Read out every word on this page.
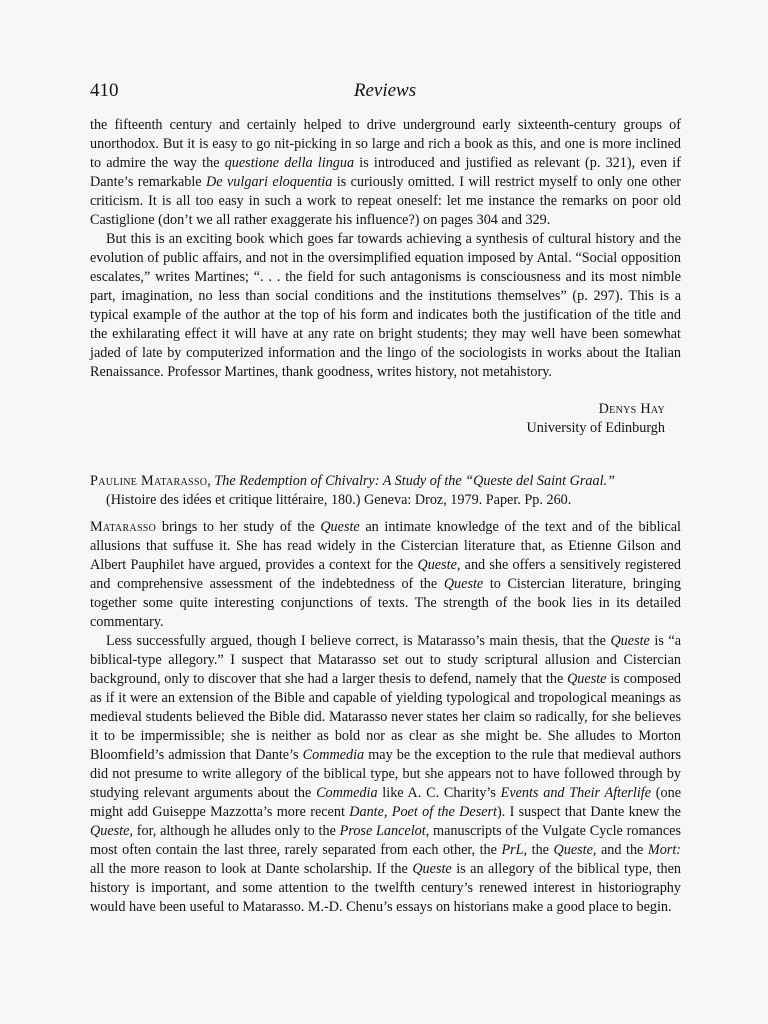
410	Reviews

the fifteenth century and certainly helped to drive underground early sixteenth-century groups of unorthodox. But it is easy to go nit-picking in so large and rich a book as this, and one is more inclined to admire the way the questione della lingua is introduced and justified as relevant (p. 321), even if Dante’s remarkable De vulgari eloquentia is curiously omitted. I will restrict myself to only one other criticism. It is all too easy in such a work to repeat oneself: let me instance the remarks on poor old Castiglione (don’t we all rather exaggerate his influence?) on pages 304 and 329.

But this is an exciting book which goes far towards achieving a synthesis of cultural history and the evolution of public affairs, and not in the oversimplified equation imposed by Antal. “Social opposition escalates,” writes Martines; “. . . the field for such antagonisms is consciousness and its most nimble part, imagination, no less than social conditions and the institutions themselves” (p. 297). This is a typical example of the author at the top of his form and indicates both the justification of the title and the exhilarating effect it will have at any rate on bright students; they may well have been somewhat jaded of late by computerized information and the lingo of the sociologists in works about the Italian Renaissance. Professor Martines, thank goodness, writes history, not metahistory.

Denys Hay
University of Edinburgh
Pauline Matarasso, The Redemption of Chivalry: A Study of the “Queste del Saint Graal.”
(Histoire des idées et critique littéraire, 180.) Geneva: Droz, 1979. Paper. Pp. 260.

Matarasso brings to her study of the Queste an intimate knowledge of the text and of the biblical allusions that suffuse it. She has read widely in the Cistercian literature that, as Etienne Gilson and Albert Pauphilet have argued, provides a context for the Queste, and she offers a sensitively registered and comprehensive assessment of the indebtedness of the Queste to Cistercian literature, bringing together some quite interesting conjunctions of texts. The strength of the book lies in its detailed commentary.

Less successfully argued, though I believe correct, is Matarasso’s main thesis, that the Queste is “a biblical-type allegory.” I suspect that Matarasso set out to study scriptural allusion and Cistercian background, only to discover that she had a larger thesis to defend, namely that the Queste is composed as if it were an extension of the Bible and capable of yielding typological and tropological meanings as medieval students believed the Bible did. Matarasso never states her claim so radically, for she believes it to be impermissible; she is neither as bold nor as clear as she might be. She alludes to Morton Bloomfield’s admission that Dante’s Commedia may be the exception to the rule that medieval authors did not presume to write allegory of the biblical type, but she appears not to have followed through by studying relevant arguments about the Commedia like A. C. Charity’s Events and Their Afterlife (one might add Guiseppe Mazzotta’s more recent Dante, Poet of the Desert). I suspect that Dante knew the Queste, for, although he alludes only to the Prose Lancelot, manuscripts of the Vulgate Cycle romances most often contain the last three, rarely separated from each other, the PrL, the Queste, and the Mort: all the more reason to look at Dante scholarship. If the Queste is an allegory of the biblical type, then history is important, and some attention to the twelfth century’s renewed interest in historiography would have been useful to Matarasso. M.-D. Chenu’s essays on historians make a good place to begin.
